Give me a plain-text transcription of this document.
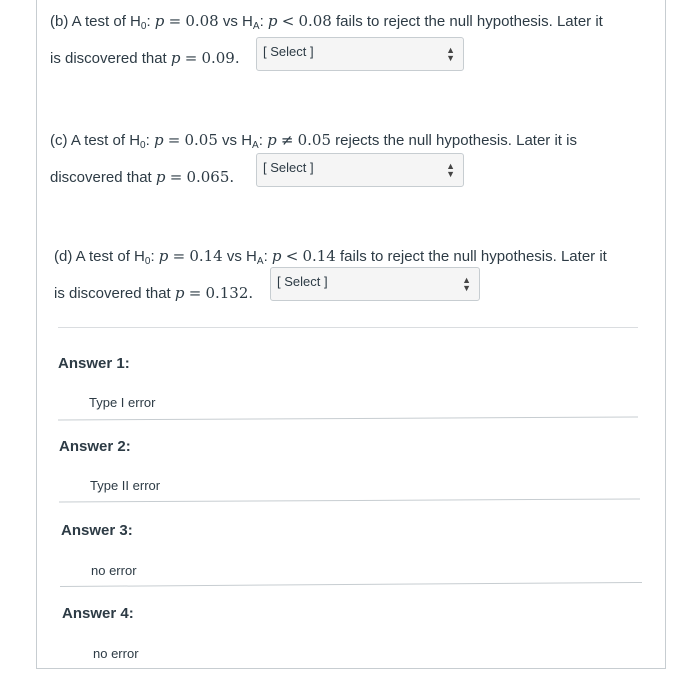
(b) A test of $H_0$: p = 0.08 vs $H_A$: p < 0.08 fails to reject the null hypothesis. Later it
is discovered that p = 0.09.	[ Select ]	▲
▼
(c) A test of $H_0$: p = 0.05 vs $H_A$: p ≠ 0.05 rejects the null hypothesis. Later it is
discovered that p = 0.065.
[ Select ]	▲
▼
(d) A test of $H_0$: p = 0.14 vs $H_A$: p < 0.14 fails to reject the null hypothesis. Later it
is discovered that p = 0.132.
[ Select ]	▲
▼
Answer 1:
Type I error
Answer 2:
Type II error
Answer 3:
no error
Answer 4:
no error
